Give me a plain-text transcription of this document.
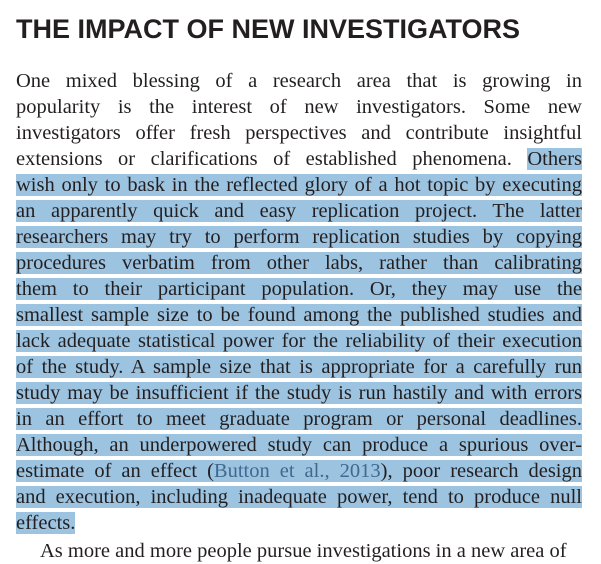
THE IMPACT OF NEW INVESTIGATORS
One mixed blessing of a research area that is growing in
popularity is the interest of new investigators. Some new
investigators offer fresh perspectives and contribute insightful
extensions or clarifications of established phenomena. Others
wish only to bask in the reflected glory of a hot topic by executing
an apparently quick and easy replication project. The latter
researchers may try to perform replication studies by copying
procedures verbatim from other labs, rather than calibrating
them to their participant population. Or, they may use the
smallest sample size to be found among the published studies and
lack adequate statistical power for the reliability of their execution
of the study. A sample size that is appropriate for a carefully run
study may be insufficient if the study is run hastily and with errors
in an effort to meet graduate program or personal deadlines.
Although, an underpowered study can produce a spurious over-
estimate of an effect (Button et al., 2013), poor research design
and execution, including inadequate power, tend to produce null
effects.
As more and more people pursue investigations in a new area of
